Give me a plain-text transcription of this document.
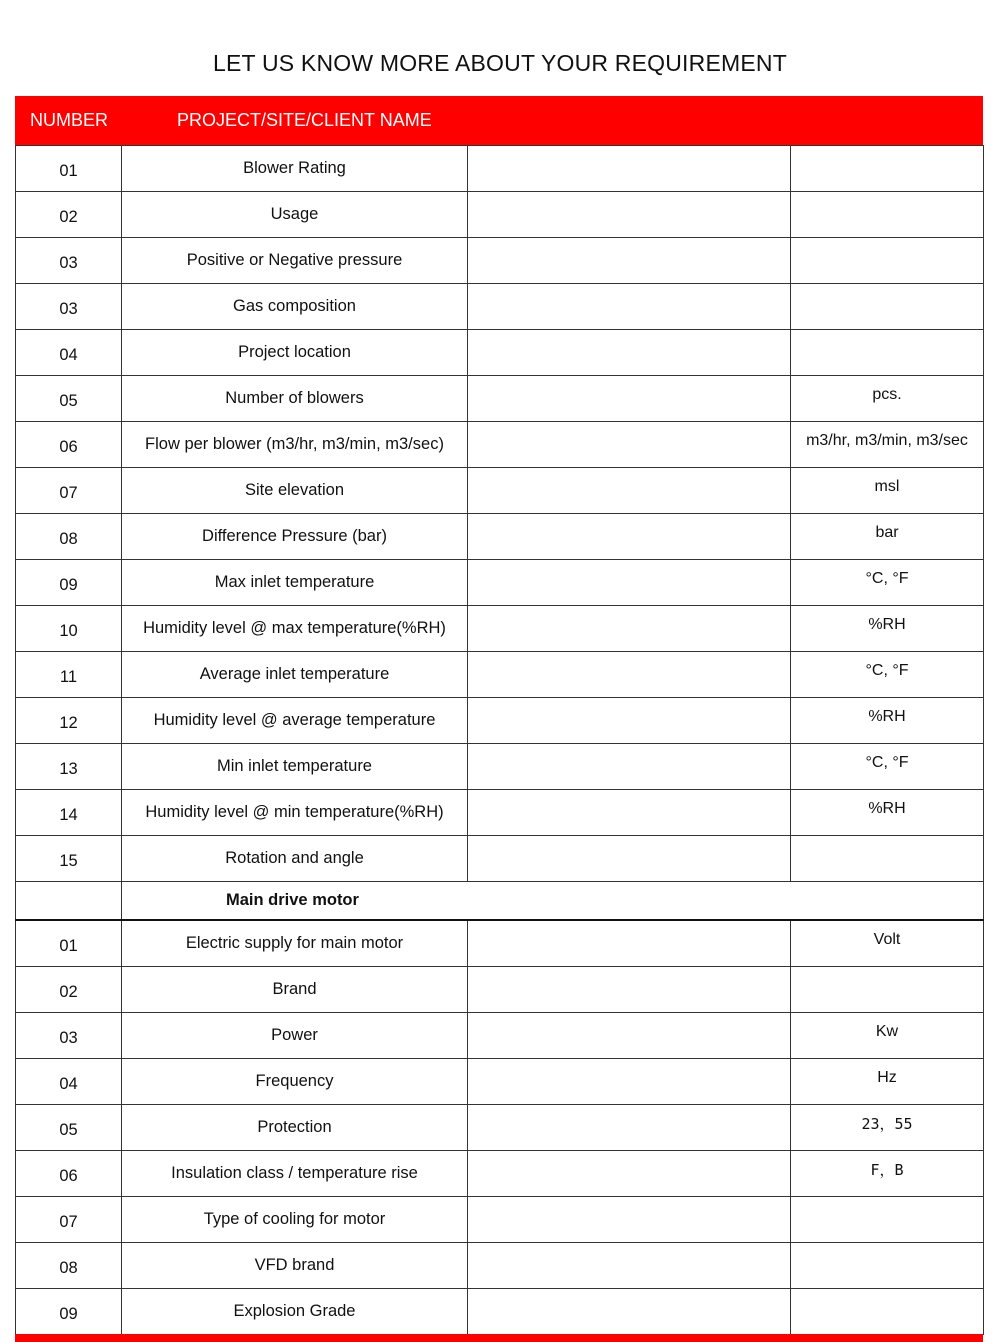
LET US KNOW MORE ABOUT YOUR REQUIREMENT
NUMBER	PROJECT/SITE/CLIENT NAME
01	Blower Rating		
02	Usage		
03	Positive or Negative pressure		
03	Gas composition		
04	Project location		
05	Number of blowers		pcs.
06	Flow per blower (m3/hr, m3/min, m3/sec)		m3/hr, m3/min, m3/sec
07	Site elevation		msl
08	Difference Pressure (bar)		bar
09	Max inlet temperature		°C, °F
10	Humidity level @ max temperature(%RH)		%RH
11	Average inlet temperature		°C, °F
12	Humidity level @ average temperature		%RH
13	Min inlet temperature		°C, °F
14	Humidity level @ min temperature(%RH)		%RH
15	Rotation and angle		
	Main drive motor		
01	Electric supply for main motor		Volt
02	Brand		
03	Power		Kw
04	Frequency		Hz
05	Protection		23，55
06	Insulation class / temperature rise		F，B
07	Type of cooling for motor		
08	VFD brand		
09	Explosion Grade		
